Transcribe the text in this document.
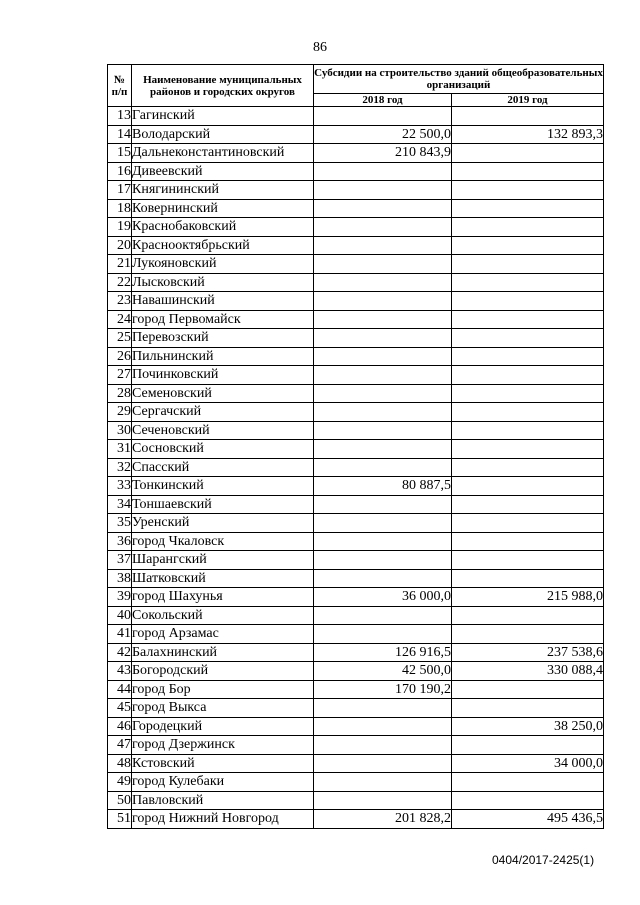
86
№ п/п	Наименование муниципальных районов и городских округов	Субсидии на строительство зданий общеобразовательных организаций	
		2018 год	2019 год
13	Гагинский		
14	Володарский	22 500,0	132 893,3
15	Дальнеконстантиновский	210 843,9	
16	Дивеевский		
17	Княгининский		
18	Ковернинский		
19	Краснобаковский		
20	Краснооктябрьский		
21	Лукояновский		
22	Лысковский		
23	Навашинский		
24	город Первомайск		
25	Перевозский		
26	Пильнинский		
27	Починковский		
28	Семеновский		
29	Сергачский		
30	Сеченовский		
31	Сосновский		
32	Спасский		
33	Тонкинский	80 887,5	
34	Тоншаевский		
35	Уренский		
36	город Чкаловск		
37	Шарангский		
38	Шатковский		
39	город Шахунья	36 000,0	215 988,0
40	Сокольский		
41	город Арзамас		
42	Балахнинский	126 916,5	237 538,6
43	Богородский	42 500,0	330 088,4
44	город Бор	170 190,2	
45	город Выкса		
46	Городецкий		38 250,0
47	город Дзержинск		
48	Кстовский		34 000,0
49	город Кулебаки		
50	Павловский		
51	город Нижний Новгород	201 828,2	495 436,5
0404/2017-2425(1)
